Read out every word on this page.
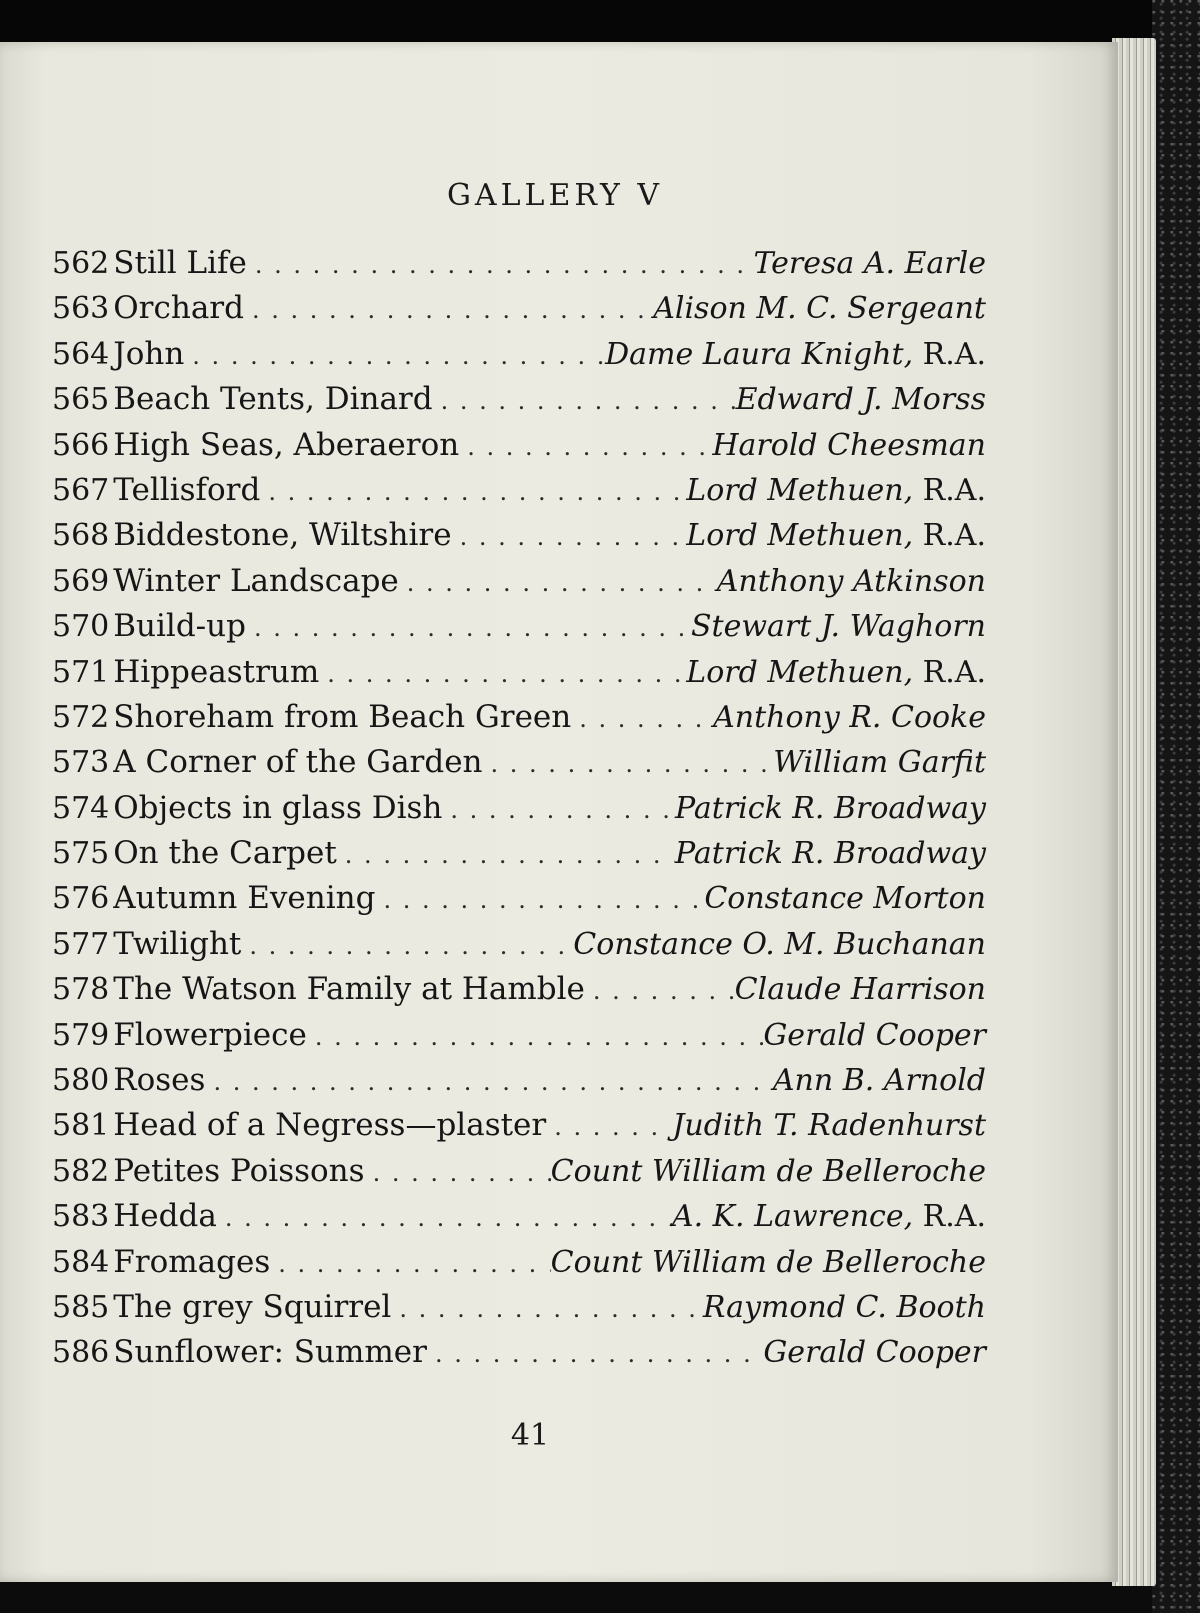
GALLERY V
562 Still Life . . .	Teresa A. Earle
563 Orchard . . .	Alison M. C. Sergeant
564 John . . .	Dame Laura Knight, R.A.
565 Beach Tents, Dinard . . .	Edward J. Morss
566 High Seas, Aberaeron . . .	Harold Cheesman
567 Tellisford . . .	Lord Methuen, R.A.
568 Biddestone, Wiltshire . . .	Lord Methuen, R.A.
569 Winter Landscape . . .	Anthony Atkinson
570 Build-up . . .	Stewart J. Waghorn
571 Hippeastrum . . .	Lord Methuen, R.A.
572 Shoreham from Beach Green . . .	Anthony R. Cooke
573 A Corner of the Garden . . .	William Garfit
574 Objects in glass Dish . . .	Patrick R. Broadway
575 On the Carpet . . .	Patrick R. Broadway
576 Autumn Evening . . .	Constance Morton
577 Twilight . . .	Constance O. M. Buchanan
578 The Watson Family at Hamble . . .	Claude Harrison
579 Flowerpiece . . .	Gerald Cooper
580 Roses . . .	Ann B. Arnold
581 Head of a Negress—plaster . . .	Judith T. Radenhurst
582 Petites Poissons . . .	Count William de Belleroche
583 Hedda . . .	A. K. Lawrence, R.A.
584 Fromages . . .	Count William de Belleroche
585 The grey Squirrel . . .	Raymond C. Booth
586 Sunflower: Summer . . .	Gerald Cooper
41
